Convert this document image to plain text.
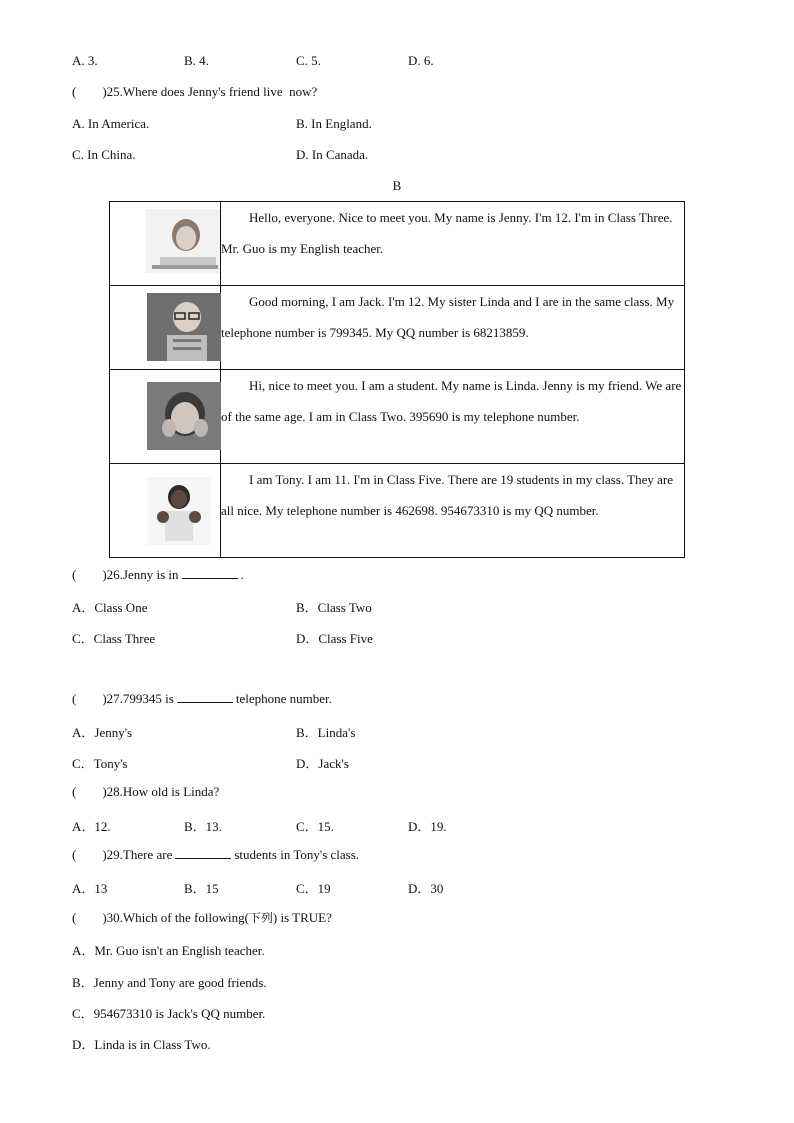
A. 3.	B. 4.	C. 5.	D. 6.
(        )25.Where does Jenny's friend live  now?
A. In America.	B. In England.
C. In China.	D. In Canada.
B
	Hello, everyone. Nice to meet you. My name is Jenny. I'm 12. I'm in Class Three. Mr. Guo is my English teacher.

	Good morning, I am Jack. I'm 12. My sister Linda and I are in the same class. My telephone number is 799345. My QQ number is 68213859.

	Hi, nice to meet you. I am a student. My name is Linda. Jenny is my friend. We are of the same age. I am in Class Two. 395690 is my telephone number.

	I am Tony. I am 11. I'm in Class Five. There are 19 students in my class. They are all nice. My telephone number is 462698. 954673310 is my QQ number.
(        )26.Jenny is in	.
A．Class One	B．Class Two
C．Class Three	D．Class Five
(        )27.799345 is	telephone number.
A．Jenny's	B．Linda's
C．Tony's	D．Jack's
(        )28.How old is Linda?
A．12.	B．13.	C．15.	D．19.
(        )29.There are	students in Tony's class.
A．13	B．15	C．19	D．30
(        )30.Which of the following(下列) is TRUE?
A．Mr. Guo isn't an English teacher.
B．Jenny and Tony are good friends.
C．954673310 is Jack's QQ number.
D．Linda is in Class Two.
